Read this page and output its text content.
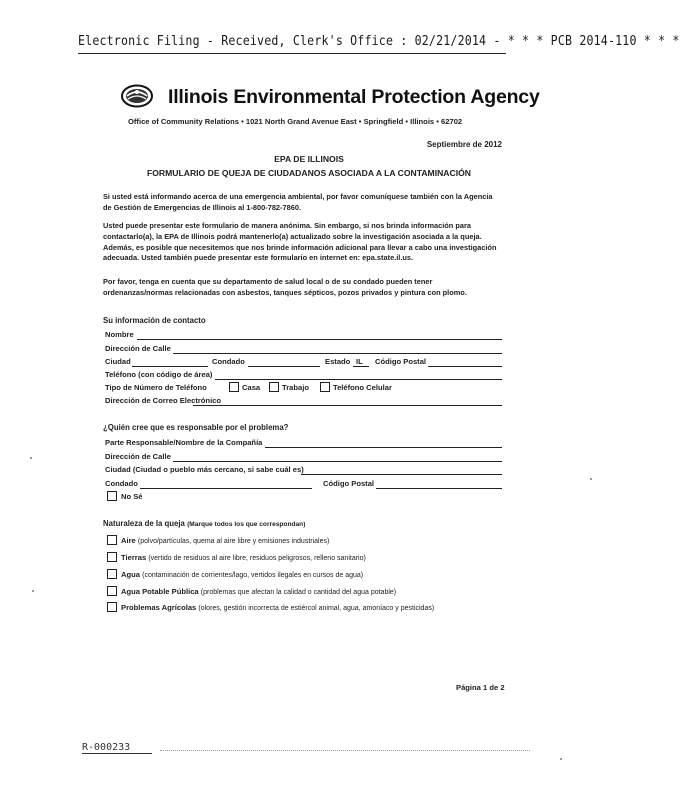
Electronic Filing - Received, Clerk's Office : 02/21/2014 - * * * PCB 2014-110 * * *
Illinois Environmental Protection Agency
Office of Community Relations • 1021 North Grand Avenue East • Springfield • Illinois • 62702
Septiembre de 2012
EPA DE ILLINOIS
FORMULARIO DE QUEJA DE CIUDADANOS ASOCIADA A LA CONTAMINACIÓN
Si usted está informando acerca de una emergencia ambiental, por favor comuníquese también con la Agencia de Gestión de Emergencias de Illinois al 1-800-782-7860.
Usted puede presentar este formulario de manera anónima. Sin embargo, si nos brinda información para contactarlo(a), la EPA de Illinois podrá mantenerlo(a) actualizado sobre la investigación asociada a la queja. Además, es posible que necesitemos que nos brinde información adicional para llevar a cabo una investigación adecuada. Usted también puede presentar este formulario en internet en: epa.state.il.us.
Por favor, tenga en cuenta que su departamento de salud local o de su condado pueden tener ordenanzas/normas relacionadas con asbestos, tanques sépticos, pozos privados y pintura con plomo.
Su información de contacto
Nombre
Dirección de Calle
Ciudad	Condado	Estado IL Código Postal
Teléfono (con código de área)
Tipo de Número de Teléfono	Casa	Trabajo	Teléfono Celular
Dirección de Correo Electrónico
¿Quién cree que es responsable por el problema?
Parte Responsable/Nombre de la Compañía
Dirección de Calle
Ciudad (Ciudad o pueblo más cercano, si sabe cuál es)
Condado	Código Postal
No Sé
Naturaleza de la queja (Marque todos los que correspondan)
Aire (polvo/partículas, quema al aire libre y emisiones industriales)
Tierras (vertido de residuos al aire libre, residuos peligrosos, relleno sanitario)
Agua (contaminación de corrientes/lago, vertidos ilegales en cursos de agua)
Agua Potable Pública (problemas que afectan la calidad o cantidad del agua potable)
Problemas Agrícolas (olores, gestión incorrecta de estiércol animal, agua, amoníaco y pesticidas)
Página 1 de 2
R-000233
